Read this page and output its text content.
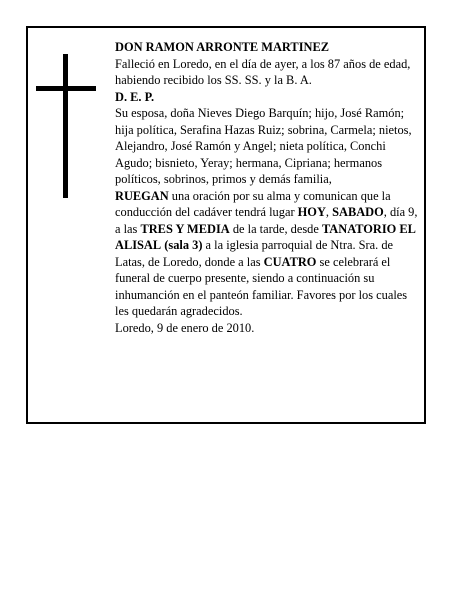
DON RAMON ARRONTE MARTINEZ

Falleció en Loredo, en el día de ayer, a los 87 años de edad, habiendo recibido los SS. SS. y la B. A.

D. E. P.

Su esposa, doña Nieves Diego Barquín; hijo, José Ramón; hija política, Serafina Hazas Ruiz; sobrina, Carmela; nietos, Alejandro, José Ramón y Angel; nieta política, Conchi Agudo; bisnieto, Yeray; hermana, Cipriana; hermanos políticos, sobrinos, primos y demás familia,

RUEGAN una oración por su alma y comunican que la conducción del cadáver tendrá lugar HOY, SABADO, día 9, a las TRES Y MEDIA de la tarde, desde TANATORIO EL ALISAL (sala 3) a la iglesia parroquial de Ntra. Sra. de Latas, de Loredo, donde a las CUATRO se celebrará el funeral de cuerpo presente, siendo a continuación su inhumanción en el panteón familiar. Favores por los cuales les quedarán agradecidos.

Loredo, 9 de enero de 2010.
